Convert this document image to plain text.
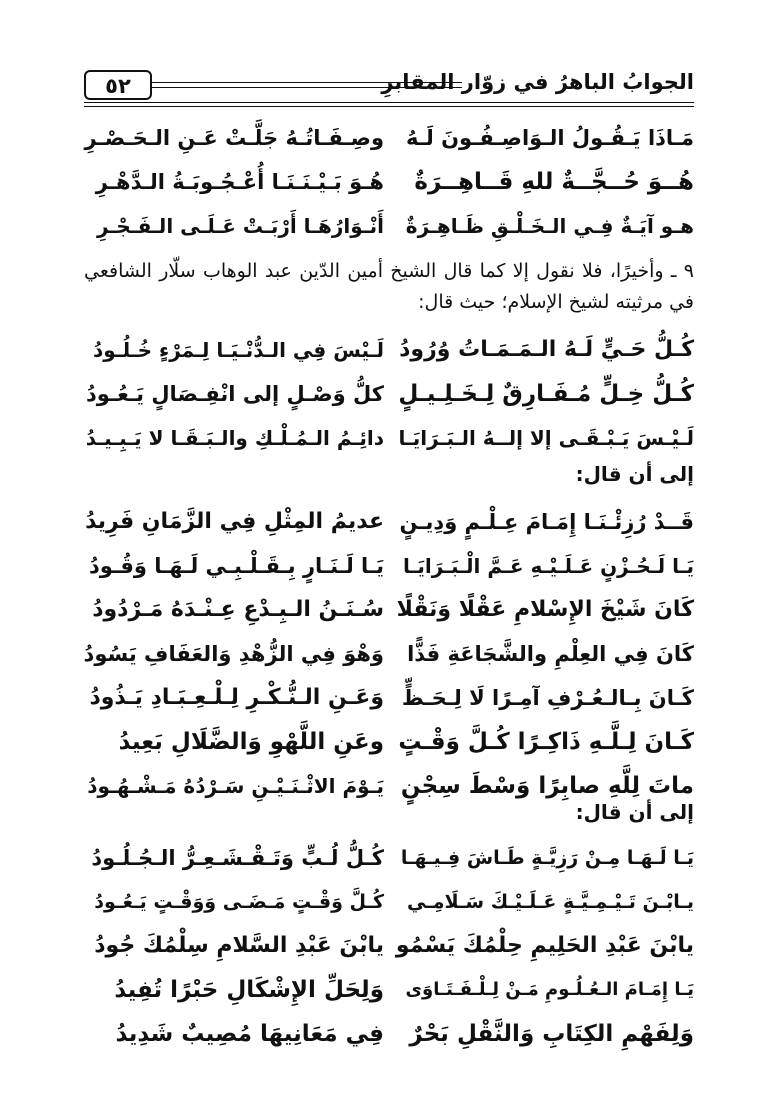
٥٢	الجوابُ الباهرُ في زوّار المقابرِ
مَـاذَا يَـقُـولُ الـوَاصِـفُـونَ لَـهُ
وصِـفَـاتُـهُ جَلَّـتْ عَـنِ الـحَـصْـرِ
هُــوَ حُــجَّــةٌ للهِ قَــاهِــرَةٌ
هُـوَ بَـيْـنَـنَـا أُعْـجُـوبَـةُ الـدَّهْـرِ
هـو آيَـةٌ فِـي الـخَـلْـقِ ظَـاهِـرَةٌ
أَنْـوَارُهَـا أَرْبَـتْ عَـلَـى الـفَـجْـرِ
٩ ـ وأخيرًا، فلا نقول إلا كما قال الشيخ أمين الدّين عبد الوهاب سلّار الشافعي في مرثيته لشيخ الإسلام؛ حيث قال:
كُـلُّ حَـيٍّ لَـهُ الـمَـمَـاتُ وُرُودُ
لَـيْسَ فِي الـدُّنْـيَـا لِـمَرْءٍ خُـلُـودُ
كُـلُّ خِـلٍّ مُـفَـارِقٌ لِـخَـلِـيـلٍ
كلُّ وَصْـلٍ إلى انْفِـصَالٍ يَـعُـودُ
لَـيْـسَ يَـبْـقَـى إلا إلــهُ الـبَـرَايَـا
دائِـمُ الـمُـلْـكِ والـبَـقَـا لا يَـبِـيـدُ
إلى أن قال:
قَــدْ رُزِئْـنَـا إِمَـامَ عِـلْـمٍ وَدِيـنٍ
عديمُ المِثْلِ فِي الزَّمَانِ فَرِيدُ
يَـا لَـحُـزْنٍ عَـلَـيْـهِ عَـمَّ الْـبَـرَايَـا
يَـا لَـنَـارٍ بِـقَـلْـبِـي لَـهَـا وَقُـودُ
كَانَ شَيْخَ الإِسْلامِ عَقْلًا وَنَقْلًا
سُـنَـنُ الـبِـدْعِ عِـنْـدَهُ مَـرْدُودُ
كَانَ فِي العِلْمِ والشَّجَاعَةِ فَذًّا
وَهْوَ فِي الزُّهْدِ وَالعَفَافِ يَسُودُ
كَـانَ بِـالـعُـرْفِ آمِـرًا لَا لِـحَـظٍّ
وَعَـنِ الـنُّـكْـرِ لِـلْـعِـبَـادِ يَـذُودُ
كَـانَ لِـلَّـهِ ذَاكِـرًا كُـلَّ وَقْـتٍ
وعَنِ اللَّهْوِ وَالضَّلَالِ بَعِيدُ
ماتَ لِلَّهِ صابِرًا وَسْطَ سِجْنٍ
يَـوْمَ الاثْـنَـيْـنِ سَـرْدُهُ مَـشْـهُـودُ
إلى أن قال:
يَـا لَـهَـا مِـنْ رَزِيَّـةٍ طَـاشَ فِـيـهَـا
كُـلُّ لُـبٍّ وَتَـقْـشَـعِـرُّ الـجُـلُـودُ
يـابْـنَ تَـيْـمِـيَّـةٍ عَـلَـيْـكَ سَـلَامِـي
كُـلَّ وَقْـتٍ مَـضَـى وَوَقْـتٍ يَـعُـودُ
يابْنَ عَبْدِ الحَلِيمِ حِلْمُكَ يَسْمُو
يابْنَ عَبْدِ السَّلامِ سِلْمُكَ جُودُ
يَـا إِمَـامَ الـعُـلُـومِ مَـنْ لِـلْـفَـتَـاوَى
وَلِحَلِّ الإِشْكَالِ حَبْرًا تُفِيدُ
وَلِفَهْمِ الكِتَابِ وَالنَّقْلِ بَحْرٌ
فِي مَعَانِيهَا مُصِيبٌ شَدِيدُ
